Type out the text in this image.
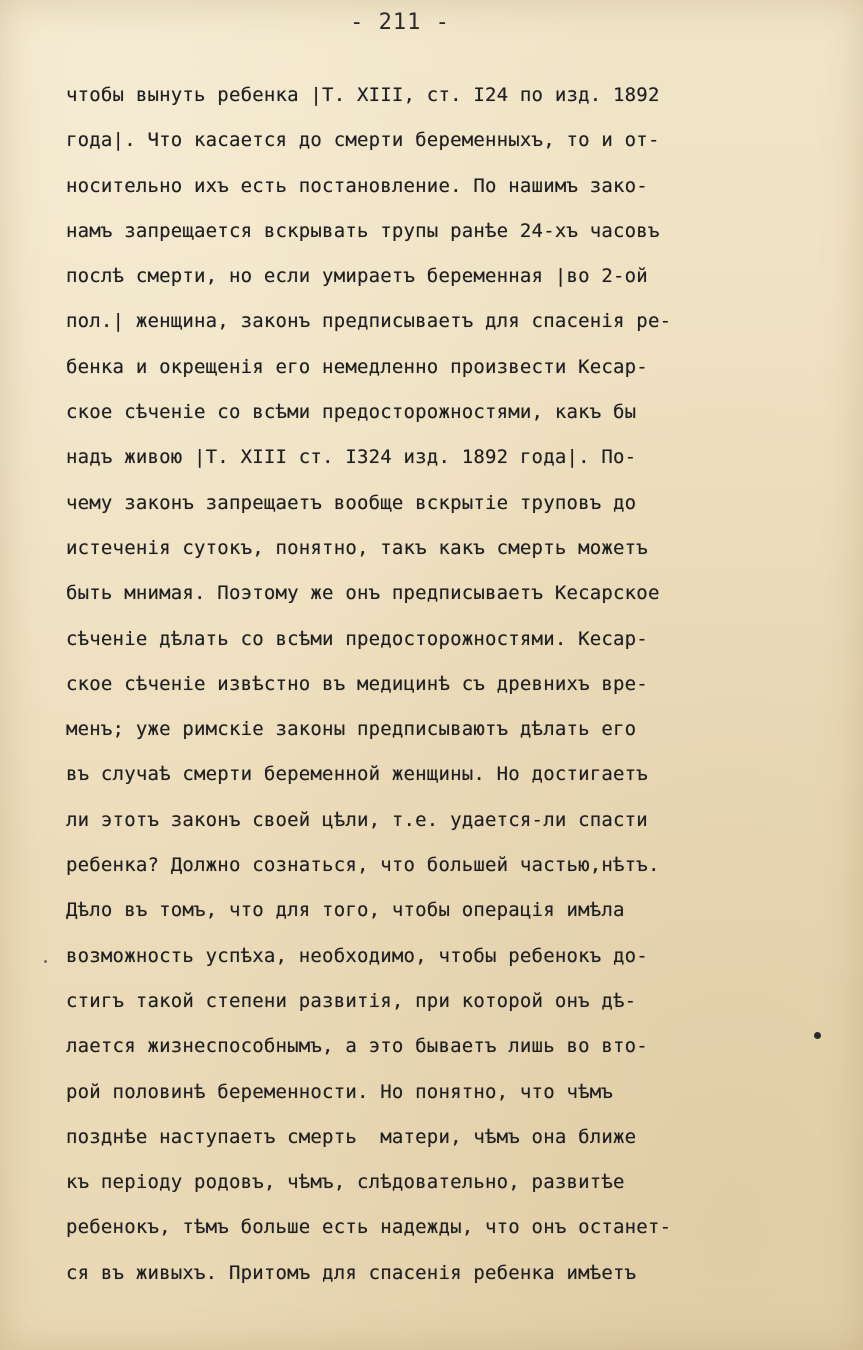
- 211 -
чтобы вынуть ребенка |Т. XIII, ст. I24 по изд. 1892
года|. Что касается до смерти беременныхъ, то и от-
носительно ихъ есть постановление. По нашимъ зако-
намъ запрещается вскрывать трупы ранѣе 24-хъ часовъ
послѣ смерти, но если умираетъ беременная |во 2-ой
пол.| женщина, законъ предписываетъ для спасенiя ре-
бенка и окрещенiя его немедленно произвести Кесар-
ское сѣченiе со всѣми предосторожностями, какъ бы
надъ живою |Т. XIII ст. I324 изд. 1892 года|. По-
чему законъ запрещаетъ вообще вскрытiе труповъ до
истеченiя сутокъ, понятно, такъ какъ смерть можетъ
быть мнимая. Поэтому же онъ предписываетъ Кесарское
сѣченiе дѣлать со всѣми предосторожностями. Кесар-
ское сѣченiе извѣстно въ медицинѣ съ древнихъ вре-
менъ; уже римскiе законы предписываютъ дѣлать его
въ случаѣ смерти беременной женщины. Но достигаетъ
ли этотъ законъ своей цѣли, т.е. удается-ли спасти
ребенка? Должно сознаться, что большей частью,нѣтъ.
Дѣло въ томъ, что для того, чтобы операцiя имѣла
возможность успѣха, необходимо, чтобы ребенокъ до-
стигъ такой степени развитiя, при которой онъ дѣ-
лается жизнеспособнымъ, а это бываетъ лишь во вто-
рой половинѣ беременности. Но понятно, что чѣмъ
позднѣе наступаетъ смерть  матери, чѣмъ она ближе
къ перiоду родовъ, чѣмъ, слѣдовательно, развитѣе
ребенокъ, тѣмъ больше есть надежды, что онъ останет-
ся въ живыхъ. Притомъ для спасенiя ребенка имѣетъ
